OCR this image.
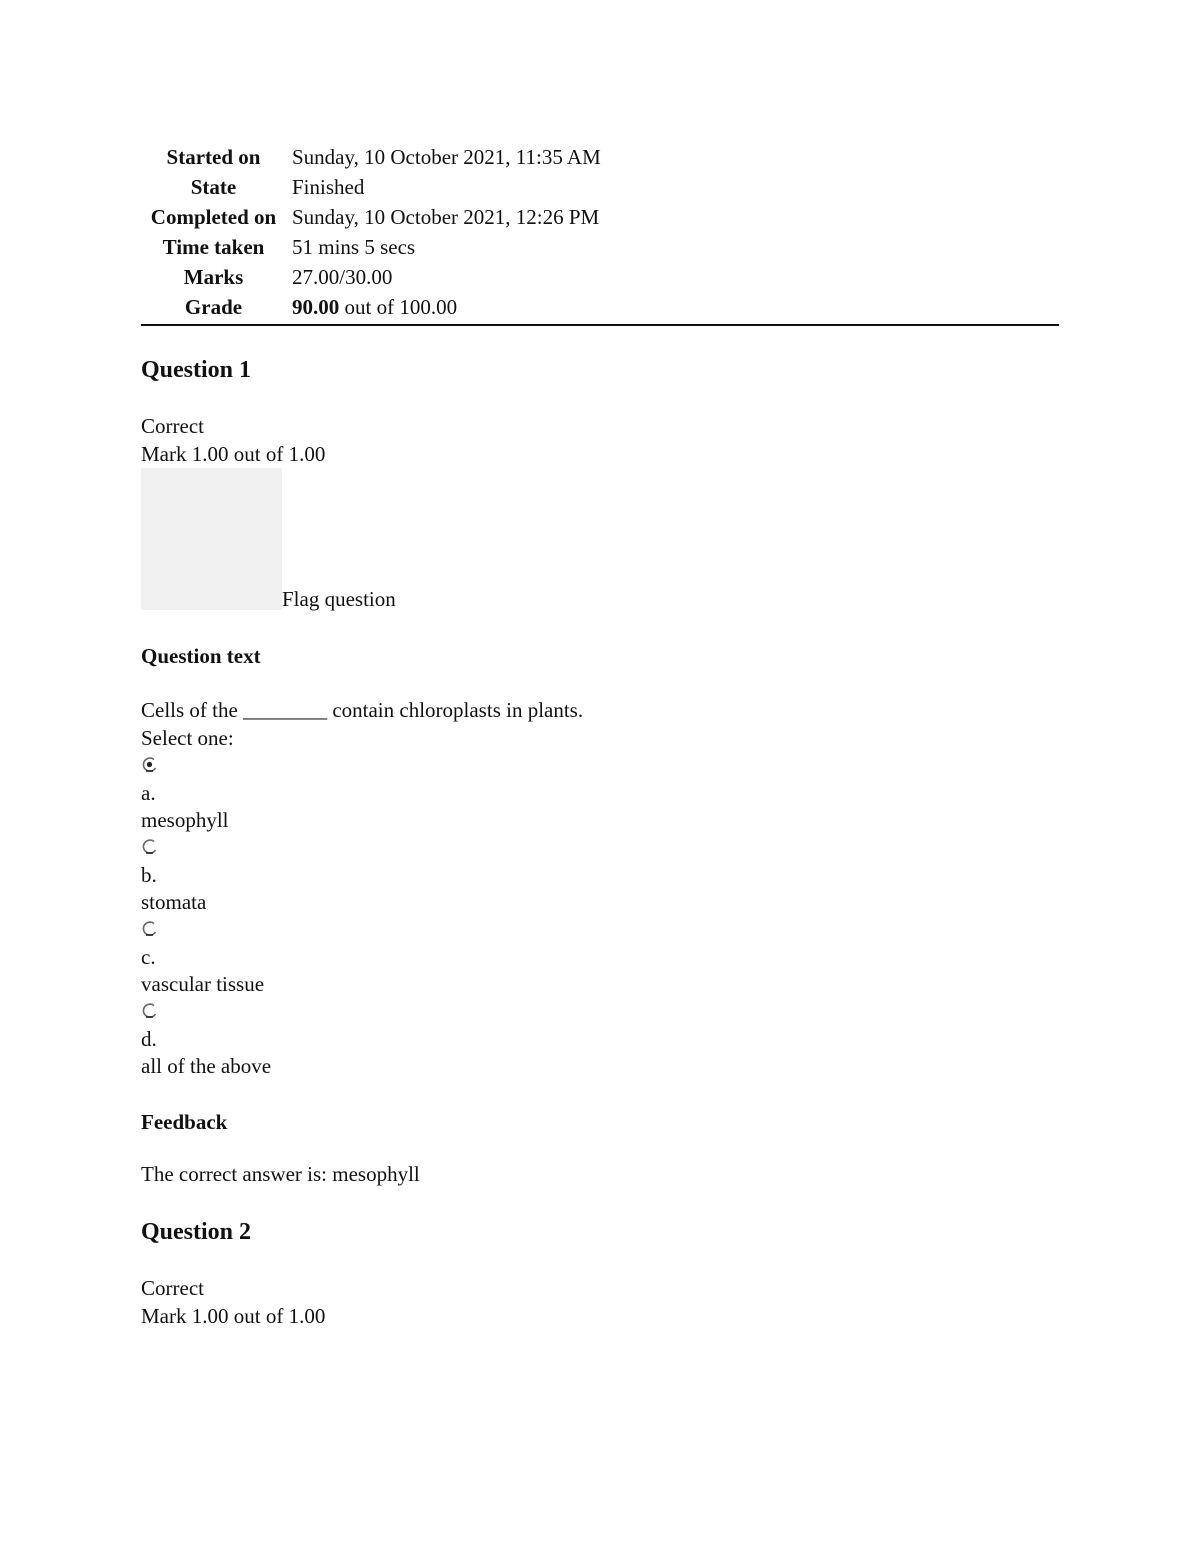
Started on	Sunday, 10 October 2021, 11:35 AM
State	Finished
Completed on	Sunday, 10 October 2021, 12:26 PM
Time taken	51 mins 5 secs
Marks	27.00/30.00
Grade	90.00 out of 100.00
Question 1
Correct
Mark 1.00 out of 1.00
Flag question
Question text
Cells of the ________ contain chloroplasts in plants.
Select one:
a.
mesophyll
b.
stomata
c.
vascular tissue
d.
all of the above
Feedback
The correct answer is: mesophyll
Question 2
Correct
Mark 1.00 out of 1.00
